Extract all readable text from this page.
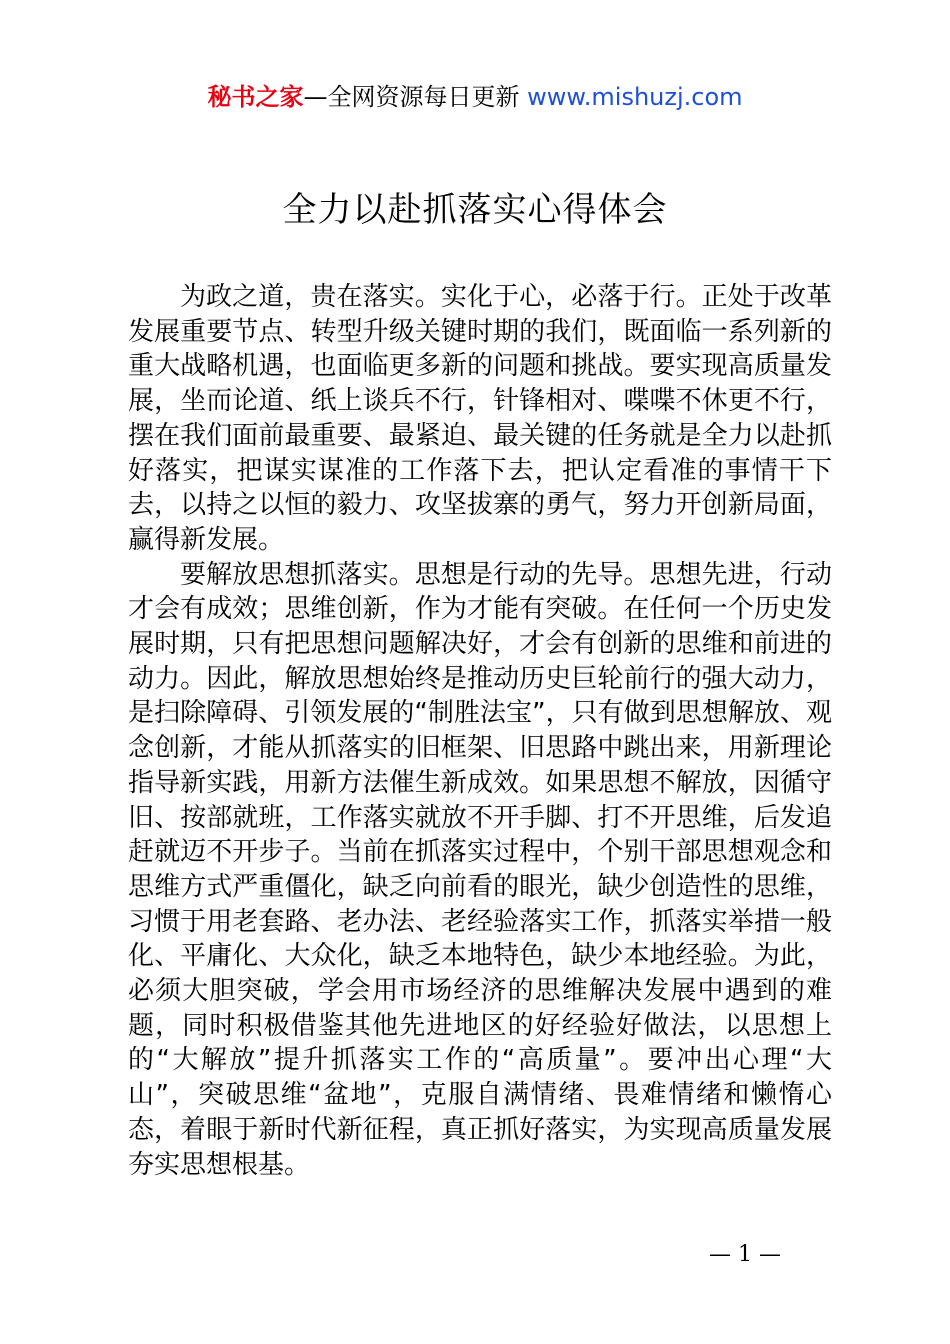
秘书之家—全网资源每日更新 www.mishuzj.com
全力以赴抓落实心得体会

为政之道，贵在落实。实化于心，必落于行。正处于改革发展重要节点、转型升级关键时期的我们，既面临一系列新的重大战略机遇，也面临更多新的问题和挑战。要实现高质量发展，坐而论道、纸上谈兵不行，针锋相对、喋喋不休更不行，摆在我们面前最重要、最紧迫、最关键的任务就是全力以赴抓好落实，把谋实谋准的工作落下去，把认定看准的事情干下去，以持之以恒的毅力、攻坚拔寨的勇气，努力开创新局面，赢得新发展。

要解放思想抓落实。思想是行动的先导。思想先进，行动才会有成效；思维创新，作为才能有突破。在任何一个历史发展时期，只有把思想问题解决好，才会有创新的思维和前进的动力。因此，解放思想始终是推动历史巨轮前行的强大动力，是扫除障碍、引领发展的“制胜法宝”，只有做到思想解放、观念创新，才能从抓落实的旧框架、旧思路中跳出来，用新理论指导新实践，用新方法催生新成效。如果思想不解放，因循守旧、按部就班，工作落实就放不开手脚、打不开思维，后发追赶就迈不开步子。当前在抓落实过程中，个别干部思想观念和思维方式严重僵化，缺乏向前看的眼光，缺少创造性的思维，习惯于用老套路、老办法、老经验落实工作，抓落实举措一般化、平庸化、大众化，缺乏本地特色，缺少本地经验。为此，必须大胆突破，学会用市场经济的思维解决发展中遇到的难题，同时积极借鉴其他先进地区的好经验好做法，以思想上的“大解放”提升抓落实工作的“高质量”。要冲出心理“大山”，突破思维“盆地”，克服自满情绪、畏难情绪和懒惰心态，着眼于新时代新征程，真正抓好落实，为实现高质量发展夯实思想根基。

— 1 —
